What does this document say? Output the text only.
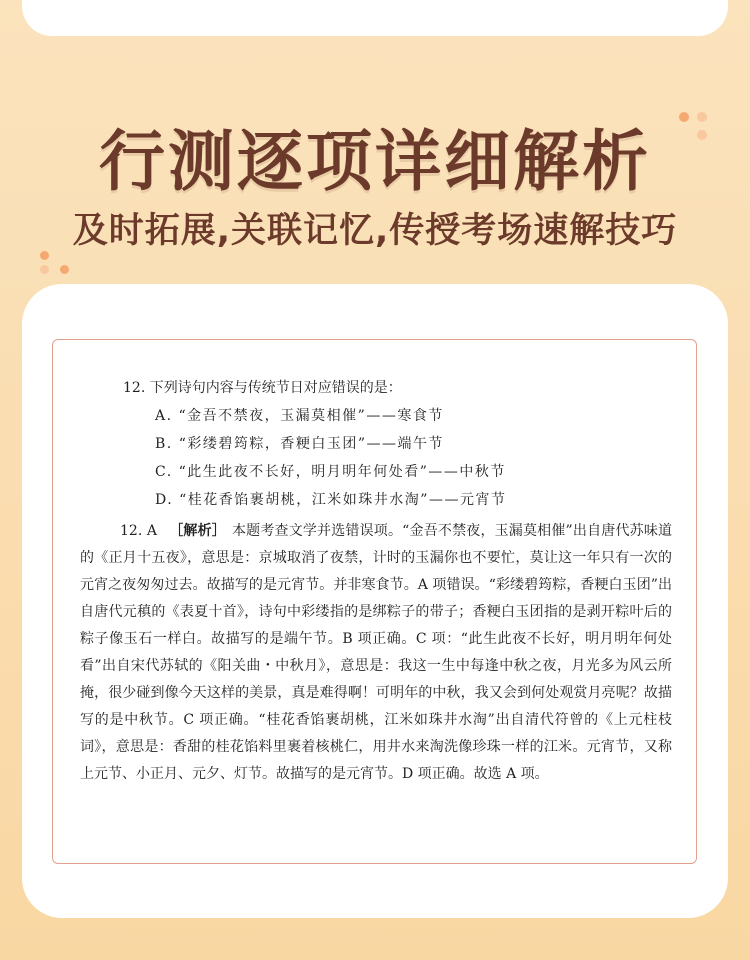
行测逐项详细解析
及时拓展,关联记忆,传授考场速解技巧
12. 下列诗句内容与传统节日对应错误的是：
A. “金吾不禁夜，玉漏莫相催”——寒食节
B. “彩缕碧筠粽，香粳白玉团”——端午节
C. “此生此夜不长好，明月明年何处看”——中秋节
D. “桂花香馅裹胡桃，江米如珠井水淘”——元宵节
12. A ［解析］ 本题考查文学并选错误项。“金吾不禁夜，玉漏莫相催”出自唐代苏味道的《正月十五夜》，意思是：京城取消了夜禁，计时的玉漏你也不要忙，莫让这一年只有一次的元宵之夜匆匆过去。故描写的是元宵节。并非寒食节。A 项错误。“彩缕碧筠粽，香粳白玉团”出自唐代元稹的《表夏十首》，诗句中彩缕指的是绑粽子的带子；香粳白玉团指的是剥开粽叶后的粽子像玉石一样白。故描写的是端午节。B 项正确。C 项：“此生此夜不长好，明月明年何处看”出自宋代苏轼的《阳关曲・中秋月》，意思是：我这一生中每逢中秋之夜，月光多为风云所掩，很少碰到像今天这样的美景，真是难得啊！可明年的中秋，我又会到何处观赏月亮呢？故描写的是中秋节。C 项正确。“桂花香馅裹胡桃，江米如珠井水淘”出自清代符曾的《上元柱枝词》，意思是：香甜的桂花馅料里裹着核桃仁，用井水来淘洗像珍珠一样的江米。元宵节，又称上元节、小正月、元夕、灯节。故描写的是元宵节。D 项正确。故选 A 项。
